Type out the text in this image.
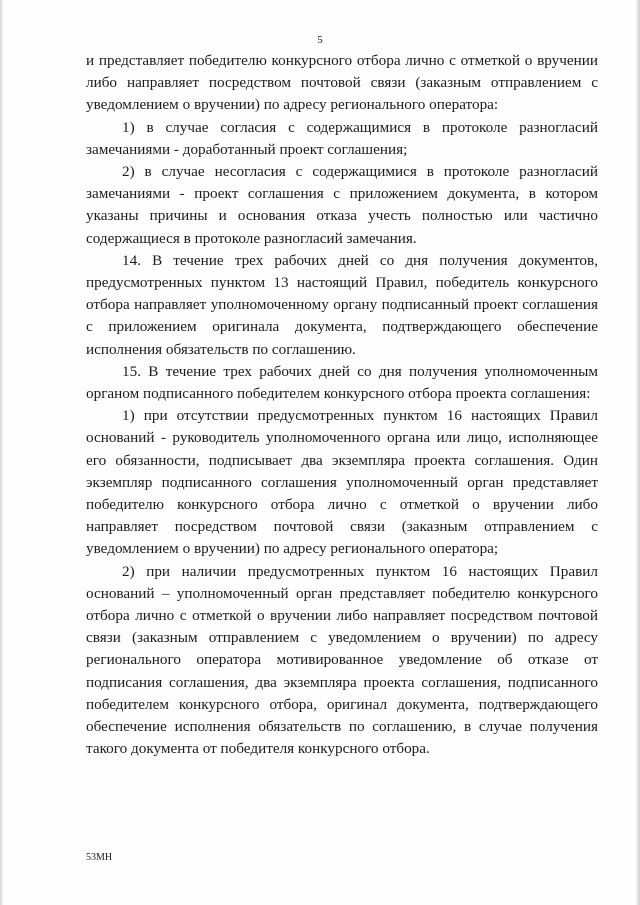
5

и представляет победителю конкурсного отбора лично с отметкой о вручении либо направляет посредством почтовой связи (заказным отправлением с уведомлением о вручении) по адресу регионального оператора:

1) в случае согласия с содержащимися в протоколе разногласий замечаниями - доработанный проект соглашения;

2) в случае несогласия с содержащимися в протоколе разногласий замечаниями - проект соглашения с приложением документа, в котором указаны причины и основания отказа учесть полностью или частично содержащиеся в протоколе разногласий замечания.

14. В течение трех рабочих дней со дня получения документов, предусмотренных пунктом 13 настоящий Правил, победитель конкурсного отбора направляет уполномоченному органу подписанный проект соглашения с приложением оригинала документа, подтверждающего обеспечение исполнения обязательств по соглашению.

15. В течение трех рабочих дней со дня получения уполномоченным органом подписанного победителем конкурсного отбора проекта соглашения:

1) при отсутствии предусмотренных пунктом 16 настоящих Правил оснований - руководитель уполномоченного органа или лицо, исполняющее его обязанности, подписывает два экземпляра проекта соглашения. Один экземпляр подписанного соглашения уполномоченный орган представляет победителю конкурсного отбора лично с отметкой о вручении либо направляет посредством почтовой связи (заказным отправлением с уведомлением о вручении) по адресу регионального оператора;

2) при наличии предусмотренных пунктом 16 настоящих Правил оснований – уполномоченный орган представляет победителю конкурсного отбора лично с отметкой о вручении либо направляет посредством почтовой связи (заказным отправлением с уведомлением о вручении) по адресу регионального оператора мотивированное уведомление об отказе от подписания соглашения, два экземпляра проекта соглашения, подписанного победителем конкурсного отбора, оригинал документа, подтверждающего обеспечение исполнения обязательств по соглашению, в случае получения такого документа от победителя конкурсного отбора.

53МН
